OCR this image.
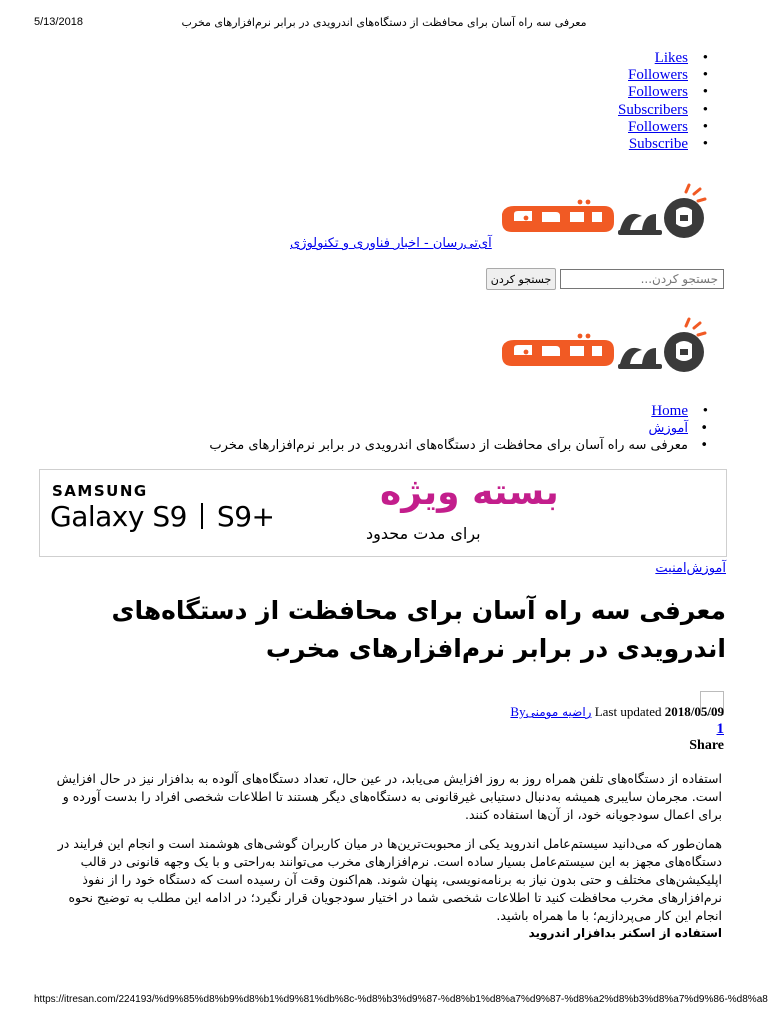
5/13/2018	معرفی سه راه آسان برای محافظت از دستگاه‌های اندرویدی در برابر نرم‌افزارهای مخرب
Likes •
Followers •
Followers •
Subscribers •
Followers •
Subscribe •
آی‌تی‌رسان - اخبار فناوری و تکنولوژی
جستجو کردن...
جستجو کردن
Home •
آموزش •
معرفی سه راه آسان برای محافظت از دستگاه‌های اندرویدی در برابر نرم‌افزارهای مخرب •
SAMSUNG
Galaxy S9 S9+
بسته ویژه
برای مدت محدود
آموزش‌امنیت
معرفی سه راه آسان برای محافظت از دستگاه‌های اندرویدی در برابر نرم‌افزارهای مخرب
Last updated 2018/05/09 راضیه مومنیBy
1
Share

استفاده از دستگاه‌های تلفن همراه روز به روز افزایش می‌یابد، در عین حال، تعداد دستگاه‌های آلوده به بدافزار نیز در حال افزایش است. مجرمان سایبری همیشه به‌دنبال دستیابی غیرقانونی به دستگاه‌های دیگر هستند تا اطلاعات شخصی افراد را بدست آورده و برای اعمال سودجویانه خود، از آن‌ها استفاده کنند.

همان‌طور که می‌دانید سیستم‌عامل اندروید یکی از محبوبت‌ترین‌ها در میان کاربران گوشی‌های هوشمند است و انجام این فرایند در دستگاه‌های مجهز به این سیستم‌عامل بسیار ساده است. نرم‌افزارهای مخرب می‌توانند به‌راحتی و با یک وجهه قانونی در قالب اپلیکیشن‌های مختلف و حتی بدون نیاز به برنامه‌نویسی، پنهان شوند. هم‌اکنون وقت آن رسیده است که دستگاه خود را از نفوذ نرم‌افزارهای مخرب محافظت کنید تا اطلاعات شخصی شما در اختیار سودجویان قرار نگیرد؛ در ادامه این مطلب به توضیح نحوه انجام این کار می‌پردازیم؛ با ما همراه باشید.

استفاده از اسکنر بدافزار اندروید
https://itresan.com/224193/%d9%85%d8%b9%d8%b1%d9%81%db%8c-%d8%b3%d9%87-%d8%b1%d8%a7%d9%87-%d8%a2%d8%b3%d8%a7%d9%86-%d8%a8
